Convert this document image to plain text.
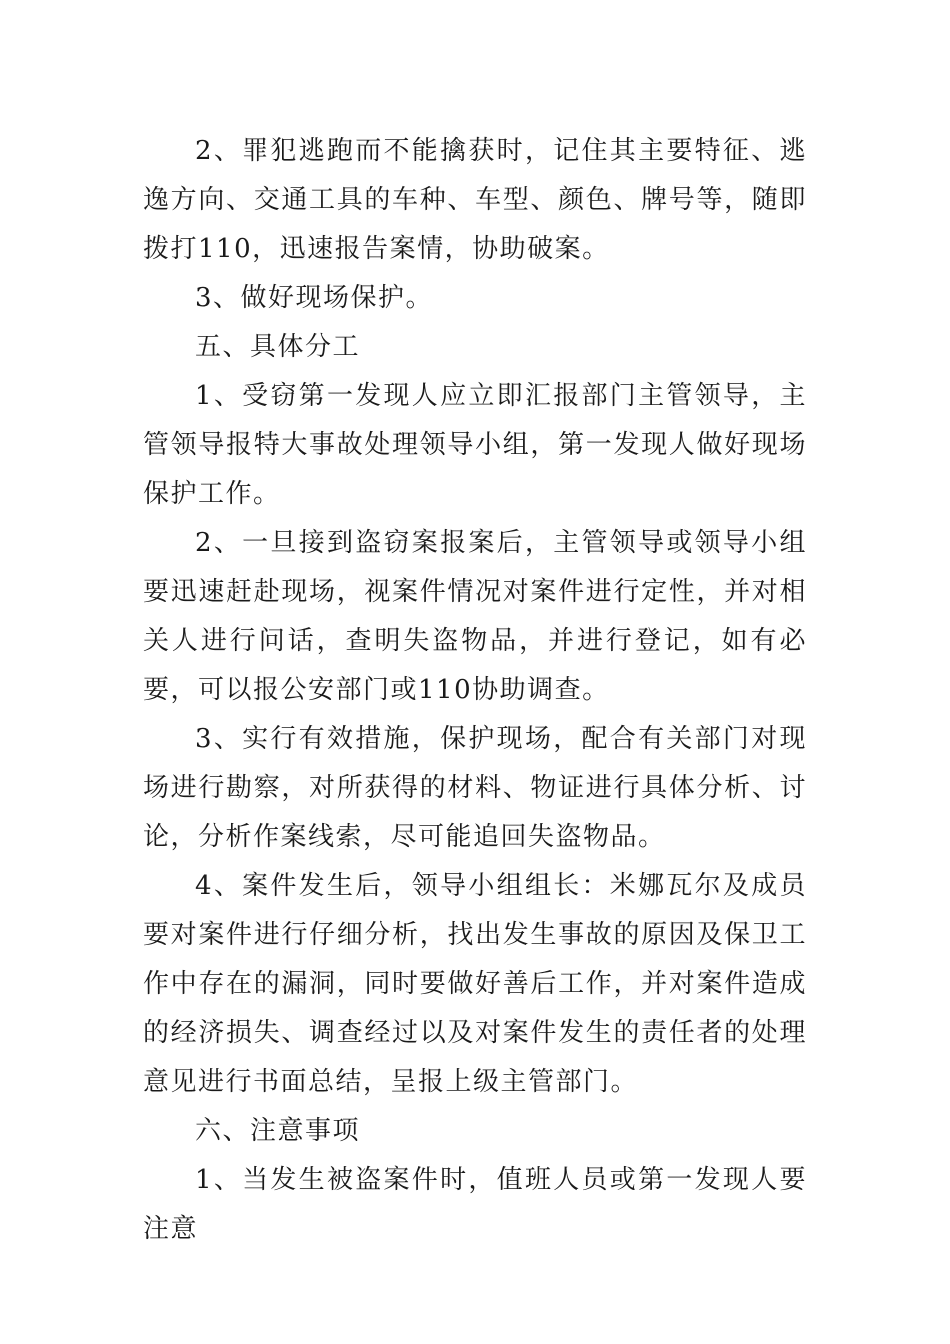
2、罪犯逃跑而不能擒获时，记住其主要特征、逃逸方向、交通工具的车种、车型、颜色、牌号等，随即拨打110，迅速报告案情，协助破案。

3、做好现场保护。

五、具体分工

1、受窃第一发现人应立即汇报部门主管领导，主管领导报特大事故处理领导小组，第一发现人做好现场保护工作。

2、一旦接到盗窃案报案后，主管领导或领导小组要迅速赶赴现场，视案件情况对案件进行定性，并对相关人进行问话，查明失盗物品，并进行登记，如有必要，可以报公安部门或110协助调查。

3、实行有效措施，保护现场，配合有关部门对现场进行勘察，对所获得的材料、物证进行具体分析、讨论，分析作案线索，尽可能追回失盗物品。

4、案件发生后，领导小组组长：米娜瓦尔及成员要对案件进行仔细分析，找出发生事故的原因及保卫工作中存在的漏洞，同时要做好善后工作，并对案件造成的经济损失、调查经过以及对案件发生的责任者的处理意见进行书面总结，呈报上级主管部门。

六、注意事项

1、当发生被盗案件时，值班人员或第一发现人要注意
